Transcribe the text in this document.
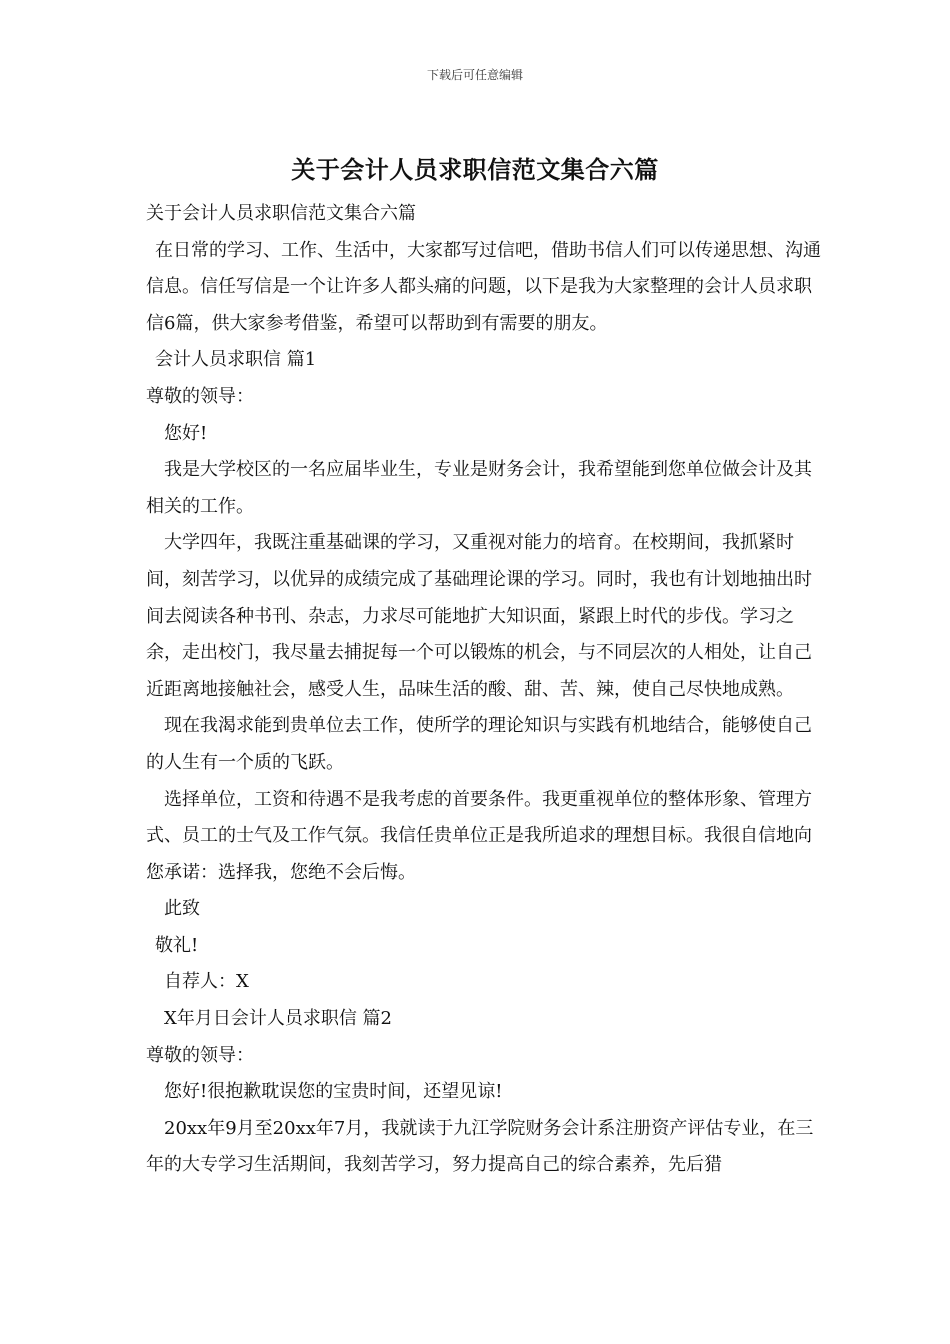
下载后可任意编辑
关于会计人员求职信范文集合六篇

关于会计人员求职信范文集合六篇

在日常的学习、工作、生活中，大家都写过信吧，借助书信人们可以传递思想、沟通信息。信任写信是一个让许多人都头痛的问题，以下是我为大家整理的会计人员求职信6篇，供大家参考借鉴，希望可以帮助到有需要的朋友。

会计人员求职信 篇1

尊敬的领导：

您好!

我是大学校区的一名应届毕业生，专业是财务会计，我希望能到您单位做会计及其相关的工作。

大学四年，我既注重基础课的学习，又重视对能力的培育。在校期间，我抓紧时间，刻苦学习，以优异的成绩完成了基础理论课的学习。同时，我也有计划地抽出时间去阅读各种书刊、杂志，力求尽可能地扩大知识面，紧跟上时代的步伐。学习之余，走出校门，我尽量去捕捉每一个可以锻炼的机会，与不同层次的人相处，让自己近距离地接触社会，感受人生，品味生活的酸、甜、苦、辣，使自己尽快地成熟。

现在我渴求能到贵单位去工作，使所学的理论知识与实践有机地结合，能够使自己的人生有一个质的飞跃。

选择单位，工资和待遇不是我考虑的首要条件。我更重视单位的整体形象、管理方式、员工的士气及工作气氛。我信任贵单位正是我所追求的理想目标。我很自信地向您承诺：选择我，您绝不会后悔。

此致

敬礼!

自荐人：X

X年月日会计人员求职信 篇2

尊敬的领导：

您好!很抱歉耽误您的宝贵时间，还望见谅!

20xx年9月至20xx年7月，我就读于九江学院财务会计系注册资产评估专业，在三年的大专学习生活期间，我刻苦学习，努力提高自己的综合素养，先后猎
